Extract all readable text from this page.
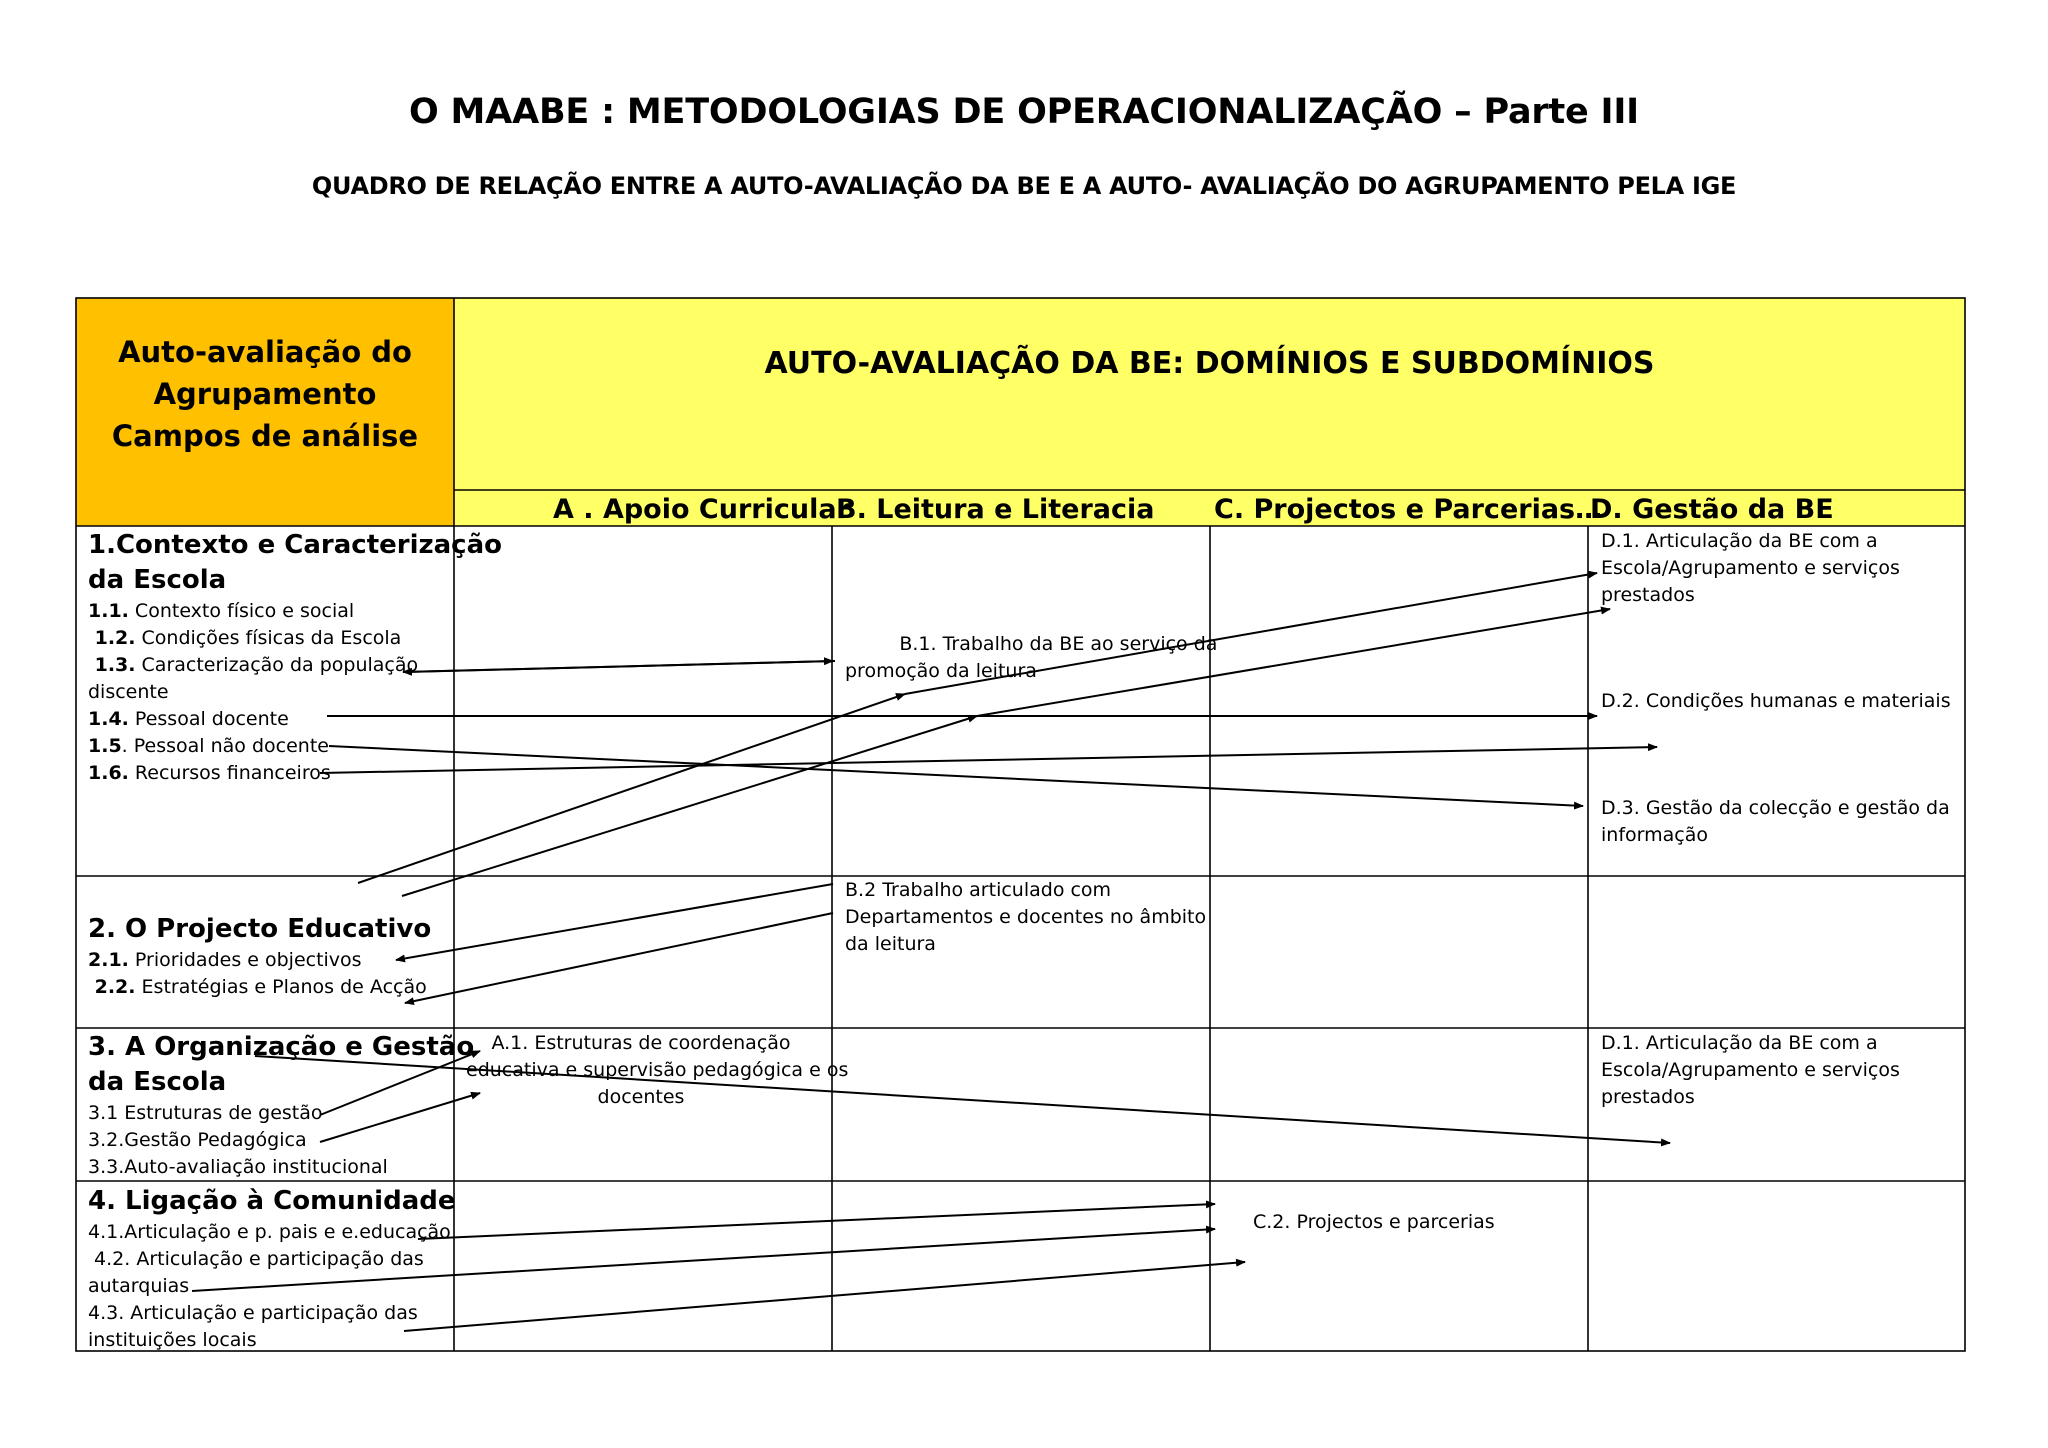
O MAABE : METODOLOGIAS DE OPERACIONALIZAÇÃO – Parte III
QUADRO DE RELAÇÃO ENTRE A AUTO-AVALIAÇÃO DA BE E A AUTO- AVALIAÇÃO DO AGRUPAMENTO PELA IGE
Auto-avaliação do
Agrupamento
Campos de análise
AUTO-AVALIAÇÃO DA BE: DOMÍNIOS E SUBDOMÍNIOS
A . Apoio Curricular
B. Leitura e Literacia C. Projectos e Parcerias…
D. Gestão da BE
1.Contexto e Caracterização
da Escola
1.1. Contexto físico e social
1.2. Condições físicas da Escola
1.3. Caracterização da população
discente
1.4. Pessoal docente
1.5. Pessoal não docente
1.6. Recursos financeiros
2. O Projecto Educativo
2.1. Prioridades e objectivos
2.2. Estratégias e Planos de Acção
3. A Organização e Gestão
da Escola
3.1 Estruturas de gestão
3.2.Gestão Pedagógica
3.3.Auto-avaliação institucional
4. Ligação à Comunidade
4.1.Articulação e p. pais e e.educação
4.2. Articulação e participação das
autarquias
4.3. Articulação e participação das
instituições locais
D.1. Articulação da BE com a
Escola/Agrupamento e serviços
prestados
B.1. Trabalho da BE ao serviço da
promoção da leitura
D.2. Condições humanas e materiais
D.3. Gestão da colecção e gestão da
informação
B.2 Trabalho articulado com
Departamentos e docentes no âmbito
da leitura
A.1. Estruturas de coordenação
educativa e supervisão pedagógica e os
docentes
D.1. Articulação da BE com a
Escola/Agrupamento e serviços
prestados
C.2. Projectos e parcerias
